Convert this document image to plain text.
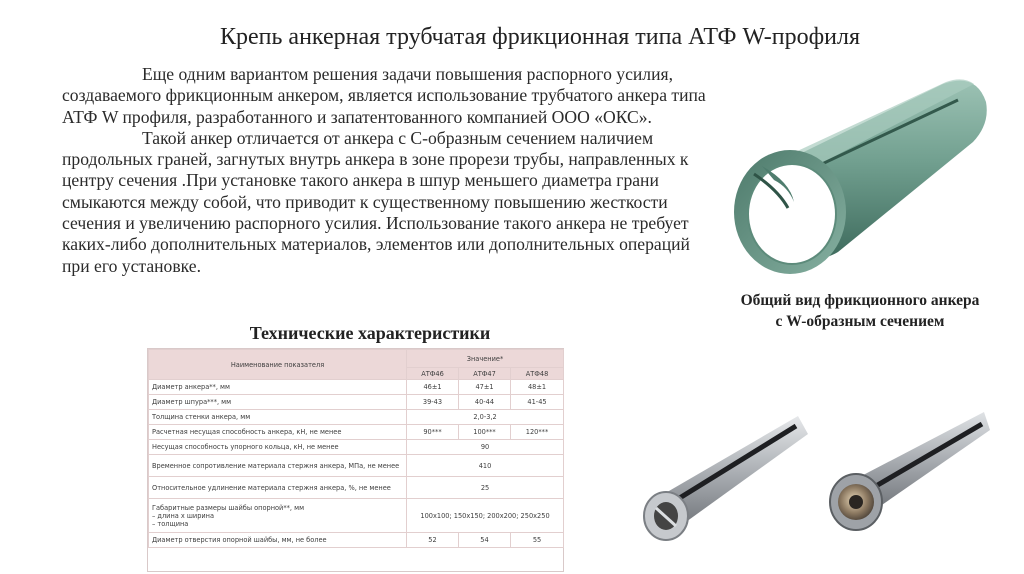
Крепь анкерная трубчатая фрикционная типа АТФ W-профиля

Еще одним вариантом решения задачи повышения распорного усилия, создаваемого фрикционным анкером, является использование трубчатого анкера типа АТФ W профиля, разработанного и запатентованного компанией ООО «ОКС».

Такой анкер отличается от анкера с С-образным сечением наличием продольных граней, загнутых внутрь анкера в зоне прорези трубы, направленных к центру сечения .При установке такого анкера в шпур меньшего диаметра грани смыкаются между собой, что приводит к существенному повышению жесткости сечения и увеличению распорного усилия. Использование такого анкера не требует каких-либо дополнительных материалов, элементов или дополнительных операций при его установке.

Общий вид фрикционного анкера
с W-образным сечением
Технические характеристики
Наименование показателя	Значение*		
	АТФ46	АТФ47	АТФ48
Диаметр анкера**, мм	46±1	47±1	48±1
Диаметр шпура***, мм	39-43	40-44	41-45
Толщина стенки анкера, мм	2,0-3,2		
Расчетная несущая способность анкера, кН, не менее	90***	100***	120***
Несущая способность упорного кольца, кН, не менее	90		
Временное сопротивление материала стержня анкера, МПа, не менее	410		
Относительное удлинение материала стержня анкера, %, не менее	25		
Габаритные размеры шайбы опорной**, мм
– длина х ширина
– толщина	100х100; 150х150; 200х200; 250х250		
Диаметр отверстия опорной шайбы, мм, не более	52	54	55
